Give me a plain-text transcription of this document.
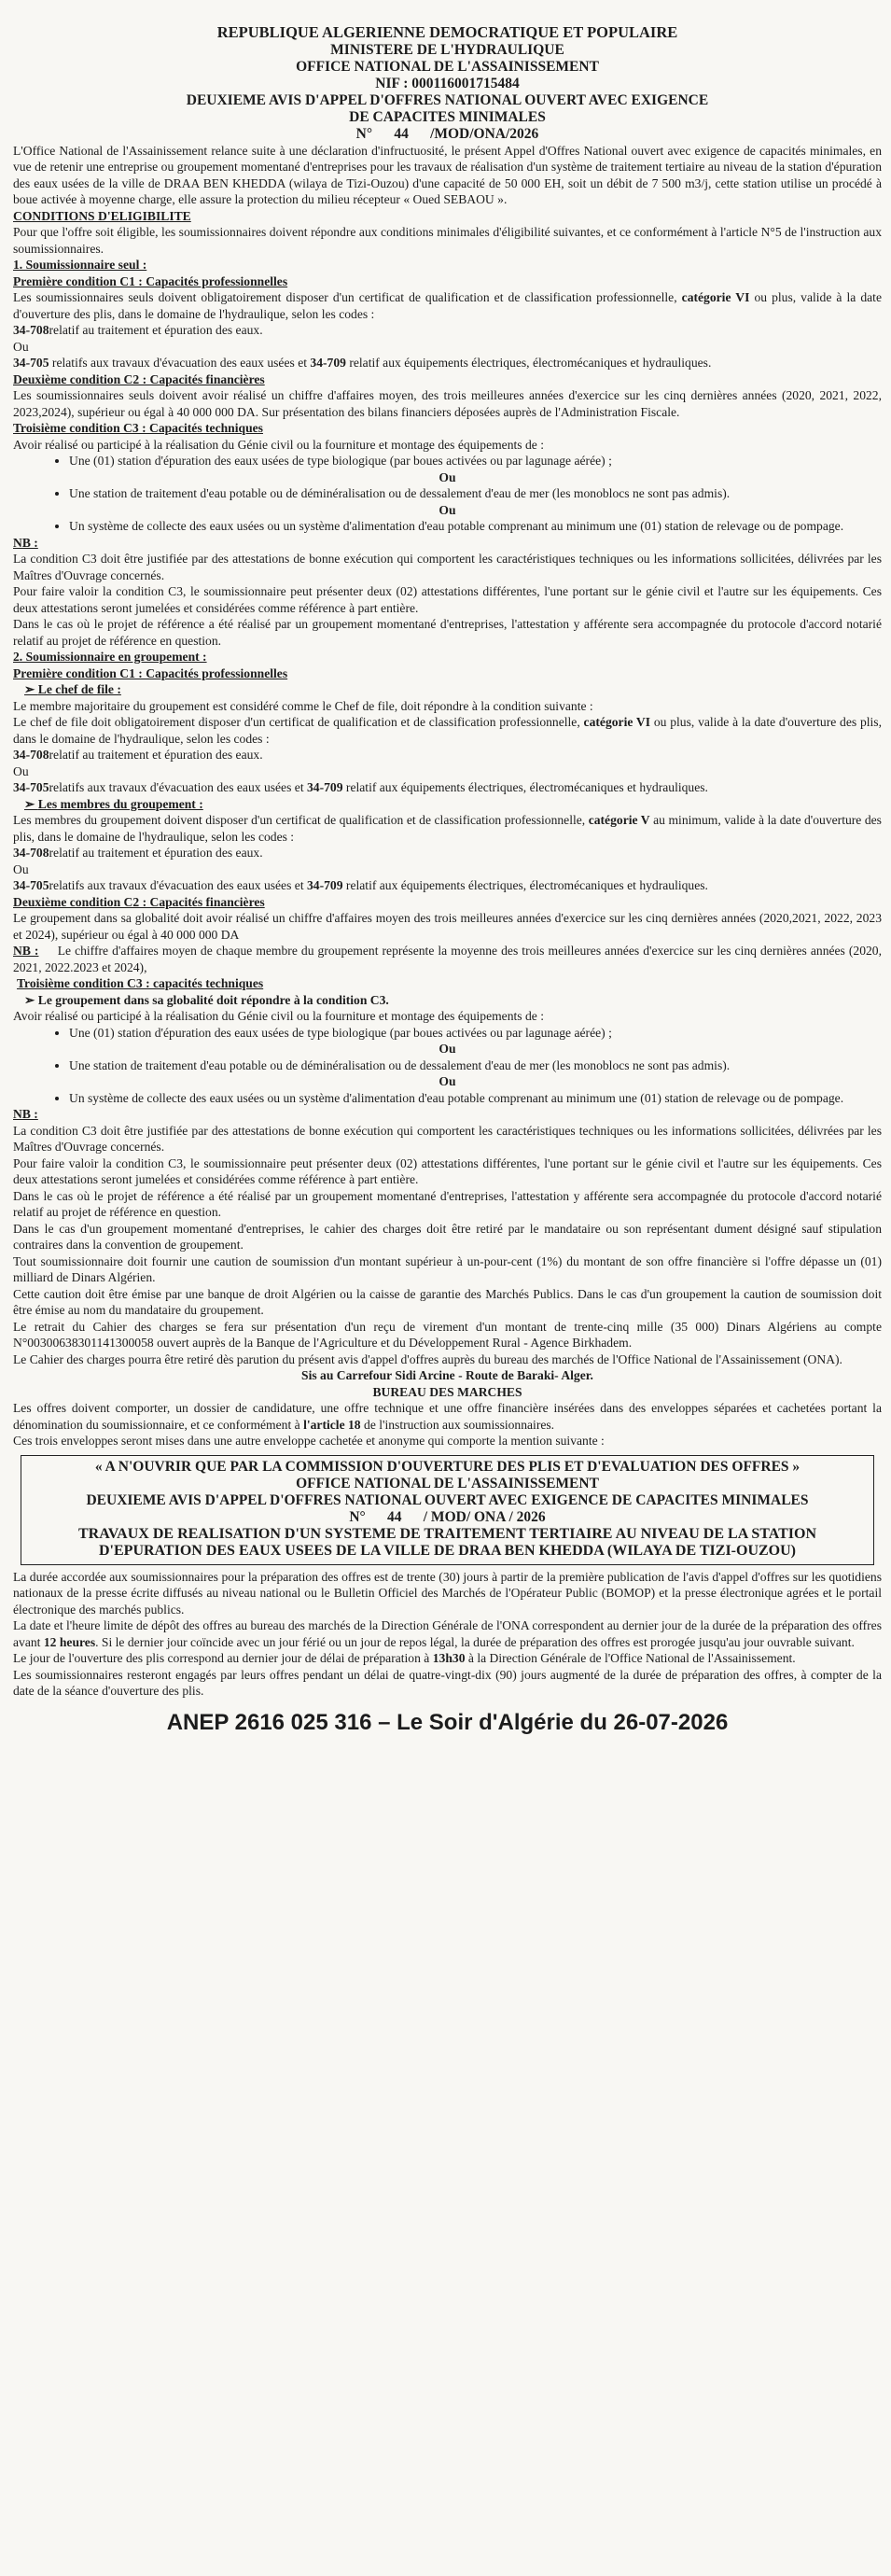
REPUBLIQUE ALGERIENNE DEMOCRATIQUE ET POPULAIRE
MINISTERE DE L'HYDRAULIQUE
OFFICE NATIONAL DE L'ASSAINISSEMENT
NIF : 000116001715484
DEUXIEME AVIS D'APPEL D'OFFRES NATIONAL OUVERT AVEC EXIGENCE
DE CAPACITES MINIMALES
N°      44      /MOD/ONA/2026

L'Office National de l'Assainissement relance suite à une déclaration d'infructuosité, le présent Appel d'Offres National ouvert avec exigence de capacités minimales, en vue de retenir une entreprise ou groupement momentané d'entreprises pour les travaux de réalisation d'un système de traitement tertiaire au niveau de la station d'épuration des eaux usées de la ville de DRAA BEN KHEDDA (wilaya de Tizi-Ouzou) d'une capacité de 50 000 EH, soit un débit de 7 500 m3/j, cette station utilise un procédé à boue activée à moyenne charge, elle assure la protection du milieu récepteur « Oued SEBAOU ».

CONDITIONS D'ELIGIBILITE

Pour que l'offre soit éligible, les soumissionnaires doivent répondre aux conditions minimales d'éligibilité suivantes, et ce conformément à l'article N°5 de l'instruction aux soumissionnaires.

1. Soumissionnaire seul :

Première condition C1 : Capacités professionnelles

Les soumissionnaires seuls doivent obligatoirement disposer d'un certificat de qualification et de classification professionnelle, catégorie VI ou plus, valide à la date d'ouverture des plis, dans le domaine de l'hydraulique, selon les codes :

34-708relatif au traitement et épuration des eaux.

Ou

34-705 relatifs aux travaux d'évacuation des eaux usées et 34-709 relatif aux équipements électriques, électromécaniques et hydrauliques.

Deuxième condition C2 : Capacités financières

Les soumissionnaires seuls doivent avoir réalisé un chiffre d'affaires moyen, des trois meilleures années d'exercice sur les cinq dernières années (2020, 2021, 2022, 2023,2024), supérieur ou égal à 40 000 000 DA. Sur présentation des bilans financiers déposées auprès de l'Administration Fiscale.

Troisième condition C3 : Capacités techniques

Avoir réalisé ou participé à la réalisation du Génie civil ou la fourniture et montage des équipements de :

• Une (01) station d'épuration des eaux usées de type biologique (par boues activées ou par lagunage aérée) ;

Ou

• Une station de traitement d'eau potable ou de déminéralisation ou de dessalement d'eau de mer (les monoblocs ne sont pas admis).

Ou

• Un système de collecte des eaux usées ou un système d'alimentation d'eau potable comprenant au minimum une (01) station de relevage ou de pompage.

NB :

La condition C3 doit être justifiée par des attestations de bonne exécution qui comportent les caractéristiques techniques ou les informations sollicitées, délivrées par les Maîtres d'Ouvrage concernés.

Pour faire valoir la condition C3, le soumissionnaire peut présenter deux (02) attestations différentes, l'une portant sur le génie civil et l'autre sur les équipements. Ces deux attestations seront jumelées et considérées comme référence à part entière.

Dans le cas où le projet de référence a été réalisé par un groupement momentané d'entreprises, l'attestation y afférente sera accompagnée du protocole d'accord notarié relatif au projet de référence en question.

2. Soumissionnaire en groupement :

Première condition C1 : Capacités professionnelles

➢ Le chef de file :

Le membre majoritaire du groupement est considéré comme le Chef de file, doit répondre à la condition suivante :

Le chef de file doit obligatoirement disposer d'un certificat de qualification et de classification professionnelle, catégorie VI ou plus, valide à la date d'ouverture des plis, dans le domaine de l'hydraulique, selon les codes :

34-708relatif au traitement et épuration des eaux.

Ou

34-705relatifs aux travaux d'évacuation des eaux usées et 34-709 relatif aux équipements électriques, électromécaniques et hydrauliques.

➢ Les membres du groupement :

Les membres du groupement doivent disposer d'un certificat de qualification et de classification professionnelle, catégorie V au minimum, valide à la date d'ouverture des plis, dans le domaine de l'hydraulique, selon les codes :

34-708relatif au traitement et épuration des eaux.

Ou

34-705relatifs aux travaux d'évacuation des eaux usées et 34-709 relatif aux équipements électriques, électromécaniques et hydrauliques.

Deuxième condition C2 : Capacités financières

Le groupement dans sa globalité doit avoir réalisé un chiffre d'affaires moyen des trois meilleures années d'exercice sur les cinq dernières années (2020,2021, 2022, 2023 et 2024), supérieur ou égal à 40 000 000 DA

NB : Le chiffre d'affaires moyen de chaque membre du groupement représente la moyenne des trois meilleures années d'exercice sur les cinq dernières années (2020, 2021, 2022.2023 et 2024),

Troisième condition C3 : capacités techniques

➢ Le groupement dans sa globalité doit répondre à la condition C3.

Avoir réalisé ou participé à la réalisation du Génie civil ou la fourniture et montage des équipements de :

• Une (01) station d'épuration des eaux usées de type biologique (par boues activées ou par lagunage aérée) ;

Ou

• Une station de traitement d'eau potable ou de déminéralisation ou de dessalement d'eau de mer (les monoblocs ne sont pas admis).

Ou

• Un système de collecte des eaux usées ou un système d'alimentation d'eau potable comprenant au minimum une (01) station de relevage ou de pompage.

NB :

La condition C3 doit être justifiée par des attestations de bonne exécution qui comportent les caractéristiques techniques ou les informations sollicitées, délivrées par les Maîtres d'Ouvrage concernés.

Pour faire valoir la condition C3, le soumissionnaire peut présenter deux (02) attestations différentes, l'une portant sur le génie civil et l'autre sur les équipements. Ces deux attestations seront jumelées et considérées comme référence à part entière.

Dans le cas où le projet de référence a été réalisé par un groupement momentané d'entreprises, l'attestation y afférente sera accompagnée du protocole d'accord notarié relatif au projet de référence en question.

Dans le cas d'un groupement momentané d'entreprises, le cahier des charges doit être retiré par le mandataire ou son représentant dument désigné sauf stipulation contraires dans la convention de groupement.

Tout soumissionnaire doit fournir une caution de soumission d'un montant supérieur à un-pour-cent (1%) du montant de son offre financière si l'offre dépasse un (01) milliard de Dinars Algérien.

Cette caution doit être émise par une banque de droit Algérien ou la caisse de garantie des Marchés Publics. Dans le cas d'un groupement la caution de soumission doit être émise au nom du mandataire du groupement.

Le retrait du Cahier des charges se fera sur présentation d'un reçu de virement d'un montant de trente-cinq mille (35 000) Dinars Algériens au compte N°00300638301141300058 ouvert auprès de la Banque de l'Agriculture et du Développement Rural - Agence Birkhadem.

Le Cahier des charges pourra être retiré dès parution du présent avis d'appel d'offres auprès du bureau des marchés de l'Office National de l'Assainissement (ONA).

Sis au Carrefour Sidi Arcine - Route de Baraki- Alger.

BUREAU DES MARCHES

Les offres doivent comporter, un dossier de candidature, une offre technique et une offre financière insérées dans des enveloppes séparées et cachetées portant la dénomination du soumissionnaire, et ce conformément à l'article 18 de l'instruction aux soumissionnaires.

Ces trois enveloppes seront mises dans une autre enveloppe cachetée et anonyme qui comporte la mention suivante :

« A N'OUVRIR QUE PAR LA COMMISSION D'OUVERTURE DES PLIS ET D'EVALUATION DES OFFRES »
OFFICE NATIONAL DE L'ASSAINISSEMENT
DEUXIEME AVIS D'APPEL D'OFFRES NATIONAL OUVERT AVEC EXIGENCE DE CAPACITES MINIMALES
N°      44      / MOD/ ONA / 2026
TRAVAUX DE REALISATION D'UN SYSTEME DE TRAITEMENT TERTIAIRE AU NIVEAU DE LA STATION D'EPURATION DES EAUX USEES DE LA VILLE DE DRAA BEN KHEDDA (WILAYA DE TIZI-OUZOU)

La durée accordée aux soumissionnaires pour la préparation des offres est de trente (30) jours à partir de la première publication de l'avis d'appel d'offres sur les quotidiens nationaux de la presse écrite diffusés au niveau national ou le Bulletin Officiel des Marchés de l'Opérateur Public (BOMOP) et la presse électronique agrées et le portail électronique des marchés publics.

La date et l'heure limite de dépôt des offres au bureau des marchés de la Direction Générale de l'ONA correspondent au dernier jour de la durée de la préparation des offres avant 12 heures. Si le dernier jour coïncide avec un jour férié ou un jour de repos légal, la durée de préparation des offres est prorogée jusqu'au jour ouvrable suivant.

Le jour de l'ouverture des plis correspond au dernier jour de délai de préparation à 13h30 à la Direction Générale de l'Office National de l'Assainissement.

Les soumissionnaires resteront engagés par leurs offres pendant un délai de quatre-vingt-dix (90) jours augmenté de la durée de préparation des offres, à compter de la date de la séance d'ouverture des plis.

ANEP 2616 025 316 – Le Soir d'Algérie du 26-07-2026
